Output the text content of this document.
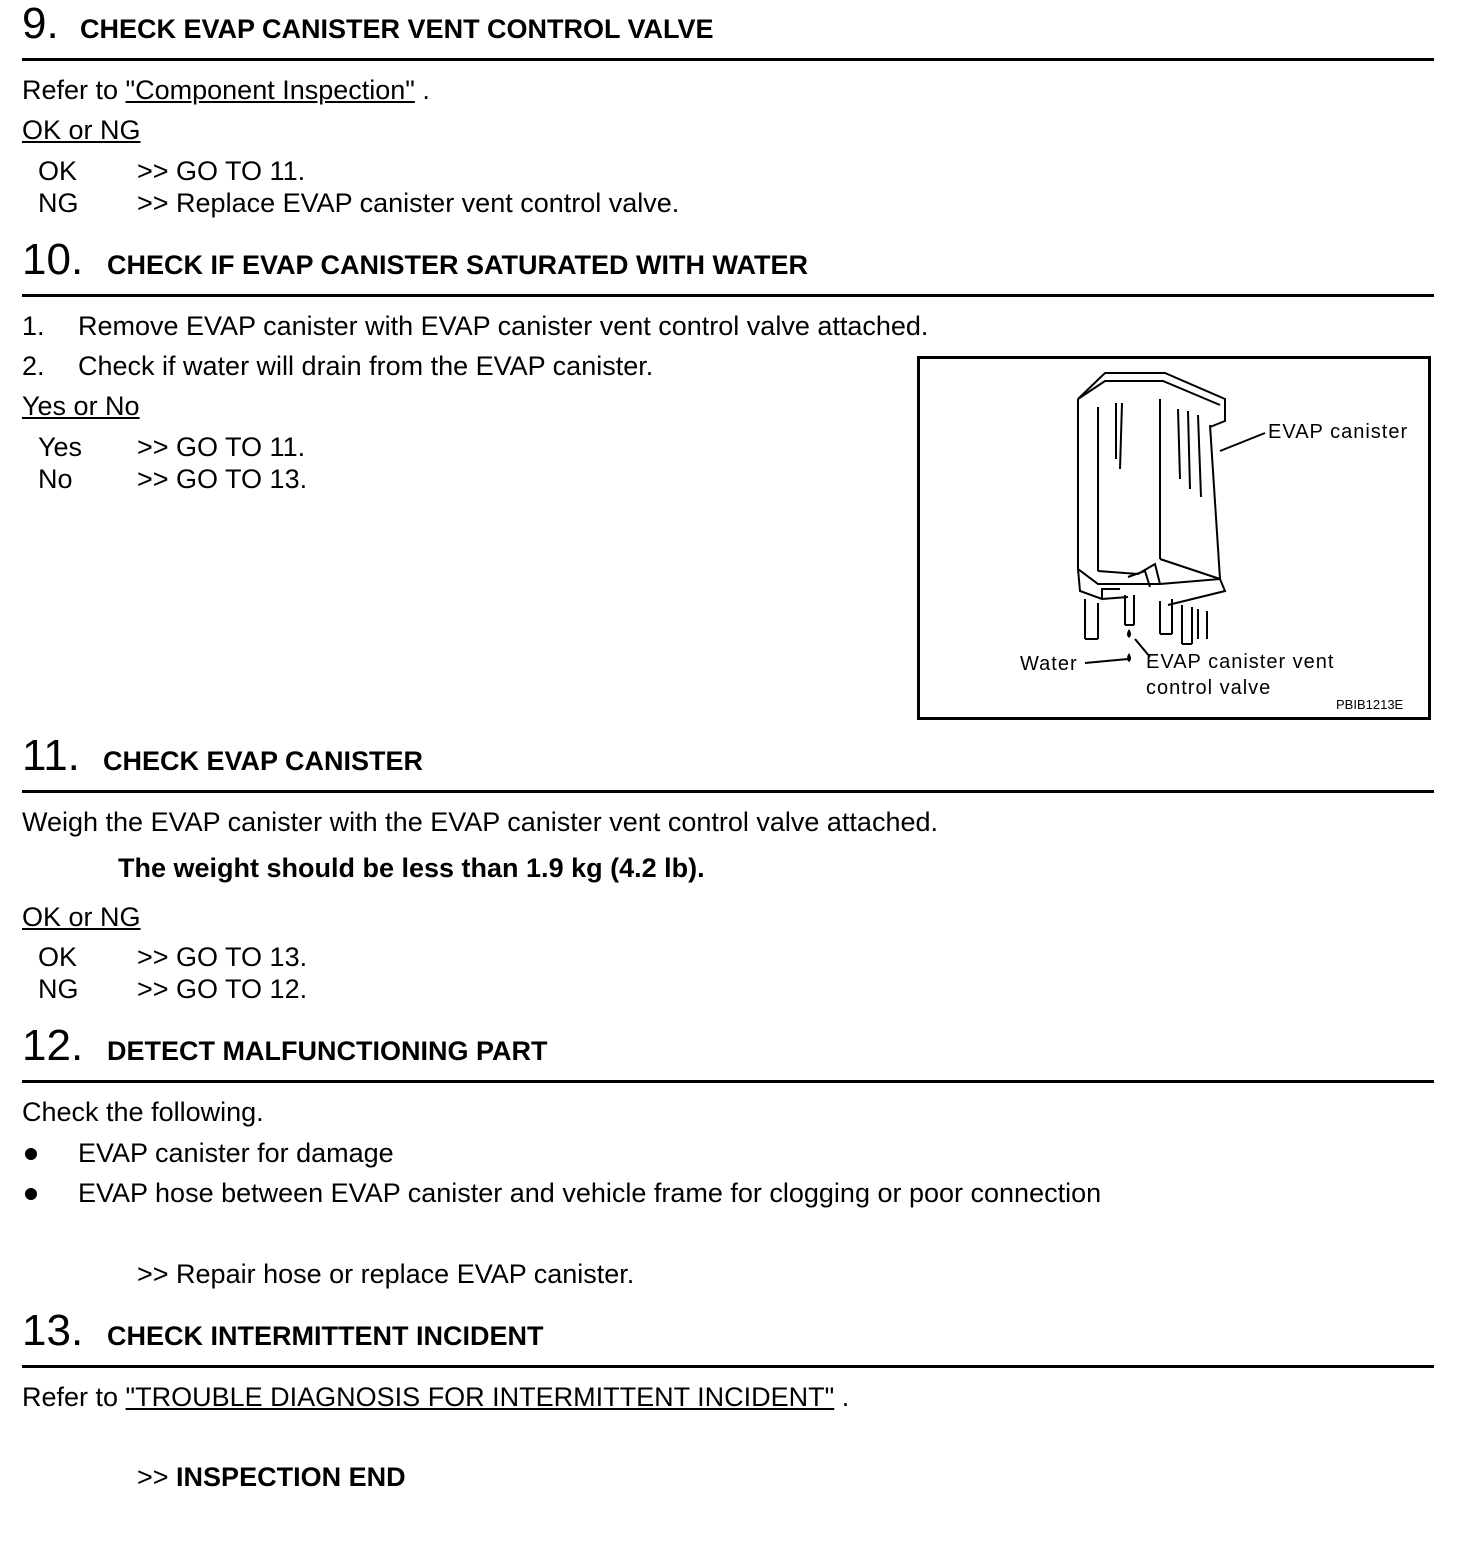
9. CHECK EVAP CANISTER VENT CONTROL VALVE
Refer to "Component Inspection" .
OK or NG
OK >> GO TO 11.
NG >> Replace EVAP canister vent control valve.
10. CHECK IF EVAP CANISTER SATURATED WITH WATER
1. Remove EVAP canister with EVAP canister vent control valve attached.
2. Check if water will drain from the EVAP canister.
Yes or No
Yes >> GO TO 11.
No >> GO TO 13.
EVAP canister
Water	EVAP canister vent
control valve
PBIB1213E
11. CHECK EVAP CANISTER
Weigh the EVAP canister with the EVAP canister vent control valve attached.
The weight should be less than 1.9 kg (4.2 lb).
OK or NG
OK >> GO TO 13.
NG >> GO TO 12.
12. DETECT MALFUNCTIONING PART
Check the following.
EVAP canister for damage
EVAP hose between EVAP canister and vehicle frame for clogging or poor connection
>> Repair hose or replace EVAP canister.
13. CHECK INTERMITTENT INCIDENT
Refer to "TROUBLE DIAGNOSIS FOR INTERMITTENT INCIDENT" .
>> INSPECTION END
